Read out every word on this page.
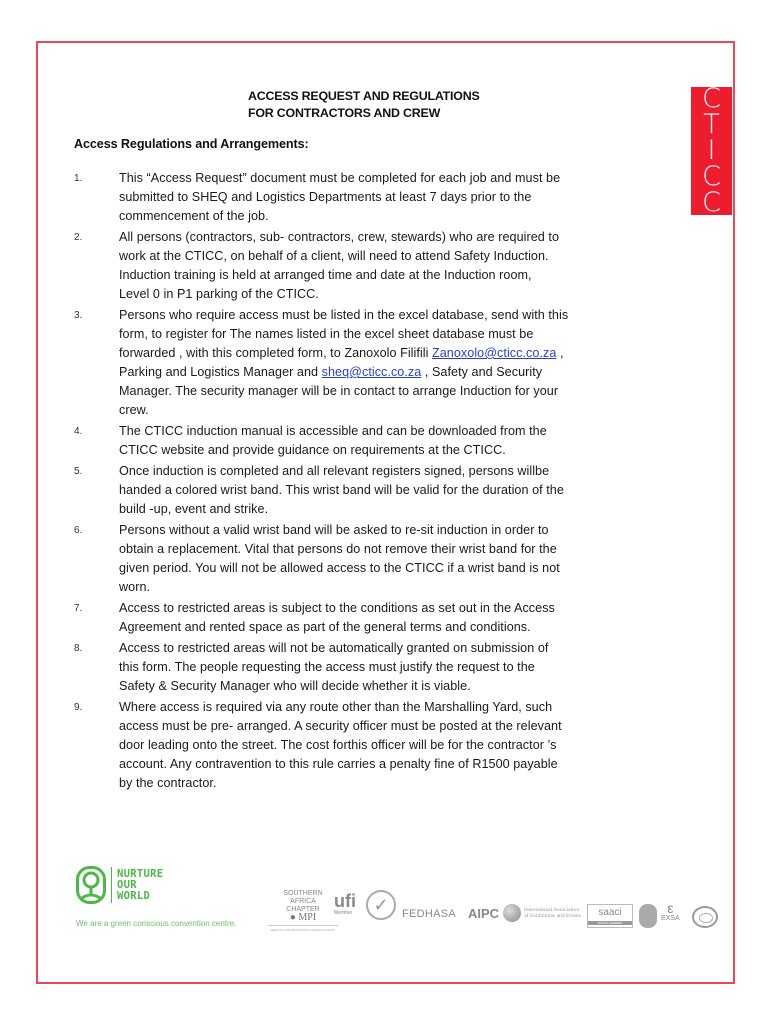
C
T
I
C
C
ACCESS REQUEST AND REGULATIONS
FOR CONTRACTORS AND CREW
Access Regulations and Arrangements:
1.	This “Access Request” document must be completed for each job and must be
submitted to SHEQ and Logistics Departments at least 7 days prior to the
commencement of the job.
2.	All persons (contractors, sub- contractors, crew, stewards) who are required to
work at the CTICC, on behalf of a client, will need to attend Safety Induction.
Induction training is held at arranged time and date at the Induction room,
Level 0 in P1 parking of the CTICC.
3.	Persons who require access must be listed in the excel database, send with this
form, to register for The names listed in the excel sheet database must be
forwarded , with this completed form, to Zanoxolo Filifili Zanoxolo@cticc.co.za ,
Parking and Logistics Manager and sheq@cticc.co.za , Safety and Security
Manager. The security manager will be in contact to arrange Induction for your
crew.
4.	The CTICC induction manual is accessible and can be downloaded from the
CTICC website and provide guidance on requirements at the CTICC.
5.	Once induction is completed and all relevant registers signed, persons willbe
handed a colored wrist band. This wrist band will be valid for the duration of the
build -up, event and strike.
6.	Persons without a valid wrist band will be asked to re-sit induction in order to
obtain a replacement. Vital that persons do not remove their wrist band for the
given period. You will not be allowed access to the CTICC if a wrist band is not
worn.
7.	Access to restricted areas is subject to the conditions as set out in the Access
Agreement and rented space as part of the general terms and conditions.
8.	Access to restricted areas will not be automatically granted on submission of
this form. The people requesting the access must justify the request to the
Safety & Security Manager who will decide whether it is viable.
9.	Where access is required via any route other than the Marshalling Yard, such
access must be pre- arranged. A security officer must be posted at the relevant
door leading onto the street. The cost forthis officer will be for the contractor ’s
account. Any contravention to this rule carries a penalty fine of R1500 payable
by the contractor.
NURTURE
OUR
WORLD
We are a green conscious convention centre.
SOUTHERN
AFRICA
CHAPTER
● MPI
MEETING PROFESSIONALS INTERNATIONAL
ufi
Member	✓	FEDHASA AIPC	International Association
of Exhibitions and Events	saaci
PROUD MEMBER
ε
EXSA
